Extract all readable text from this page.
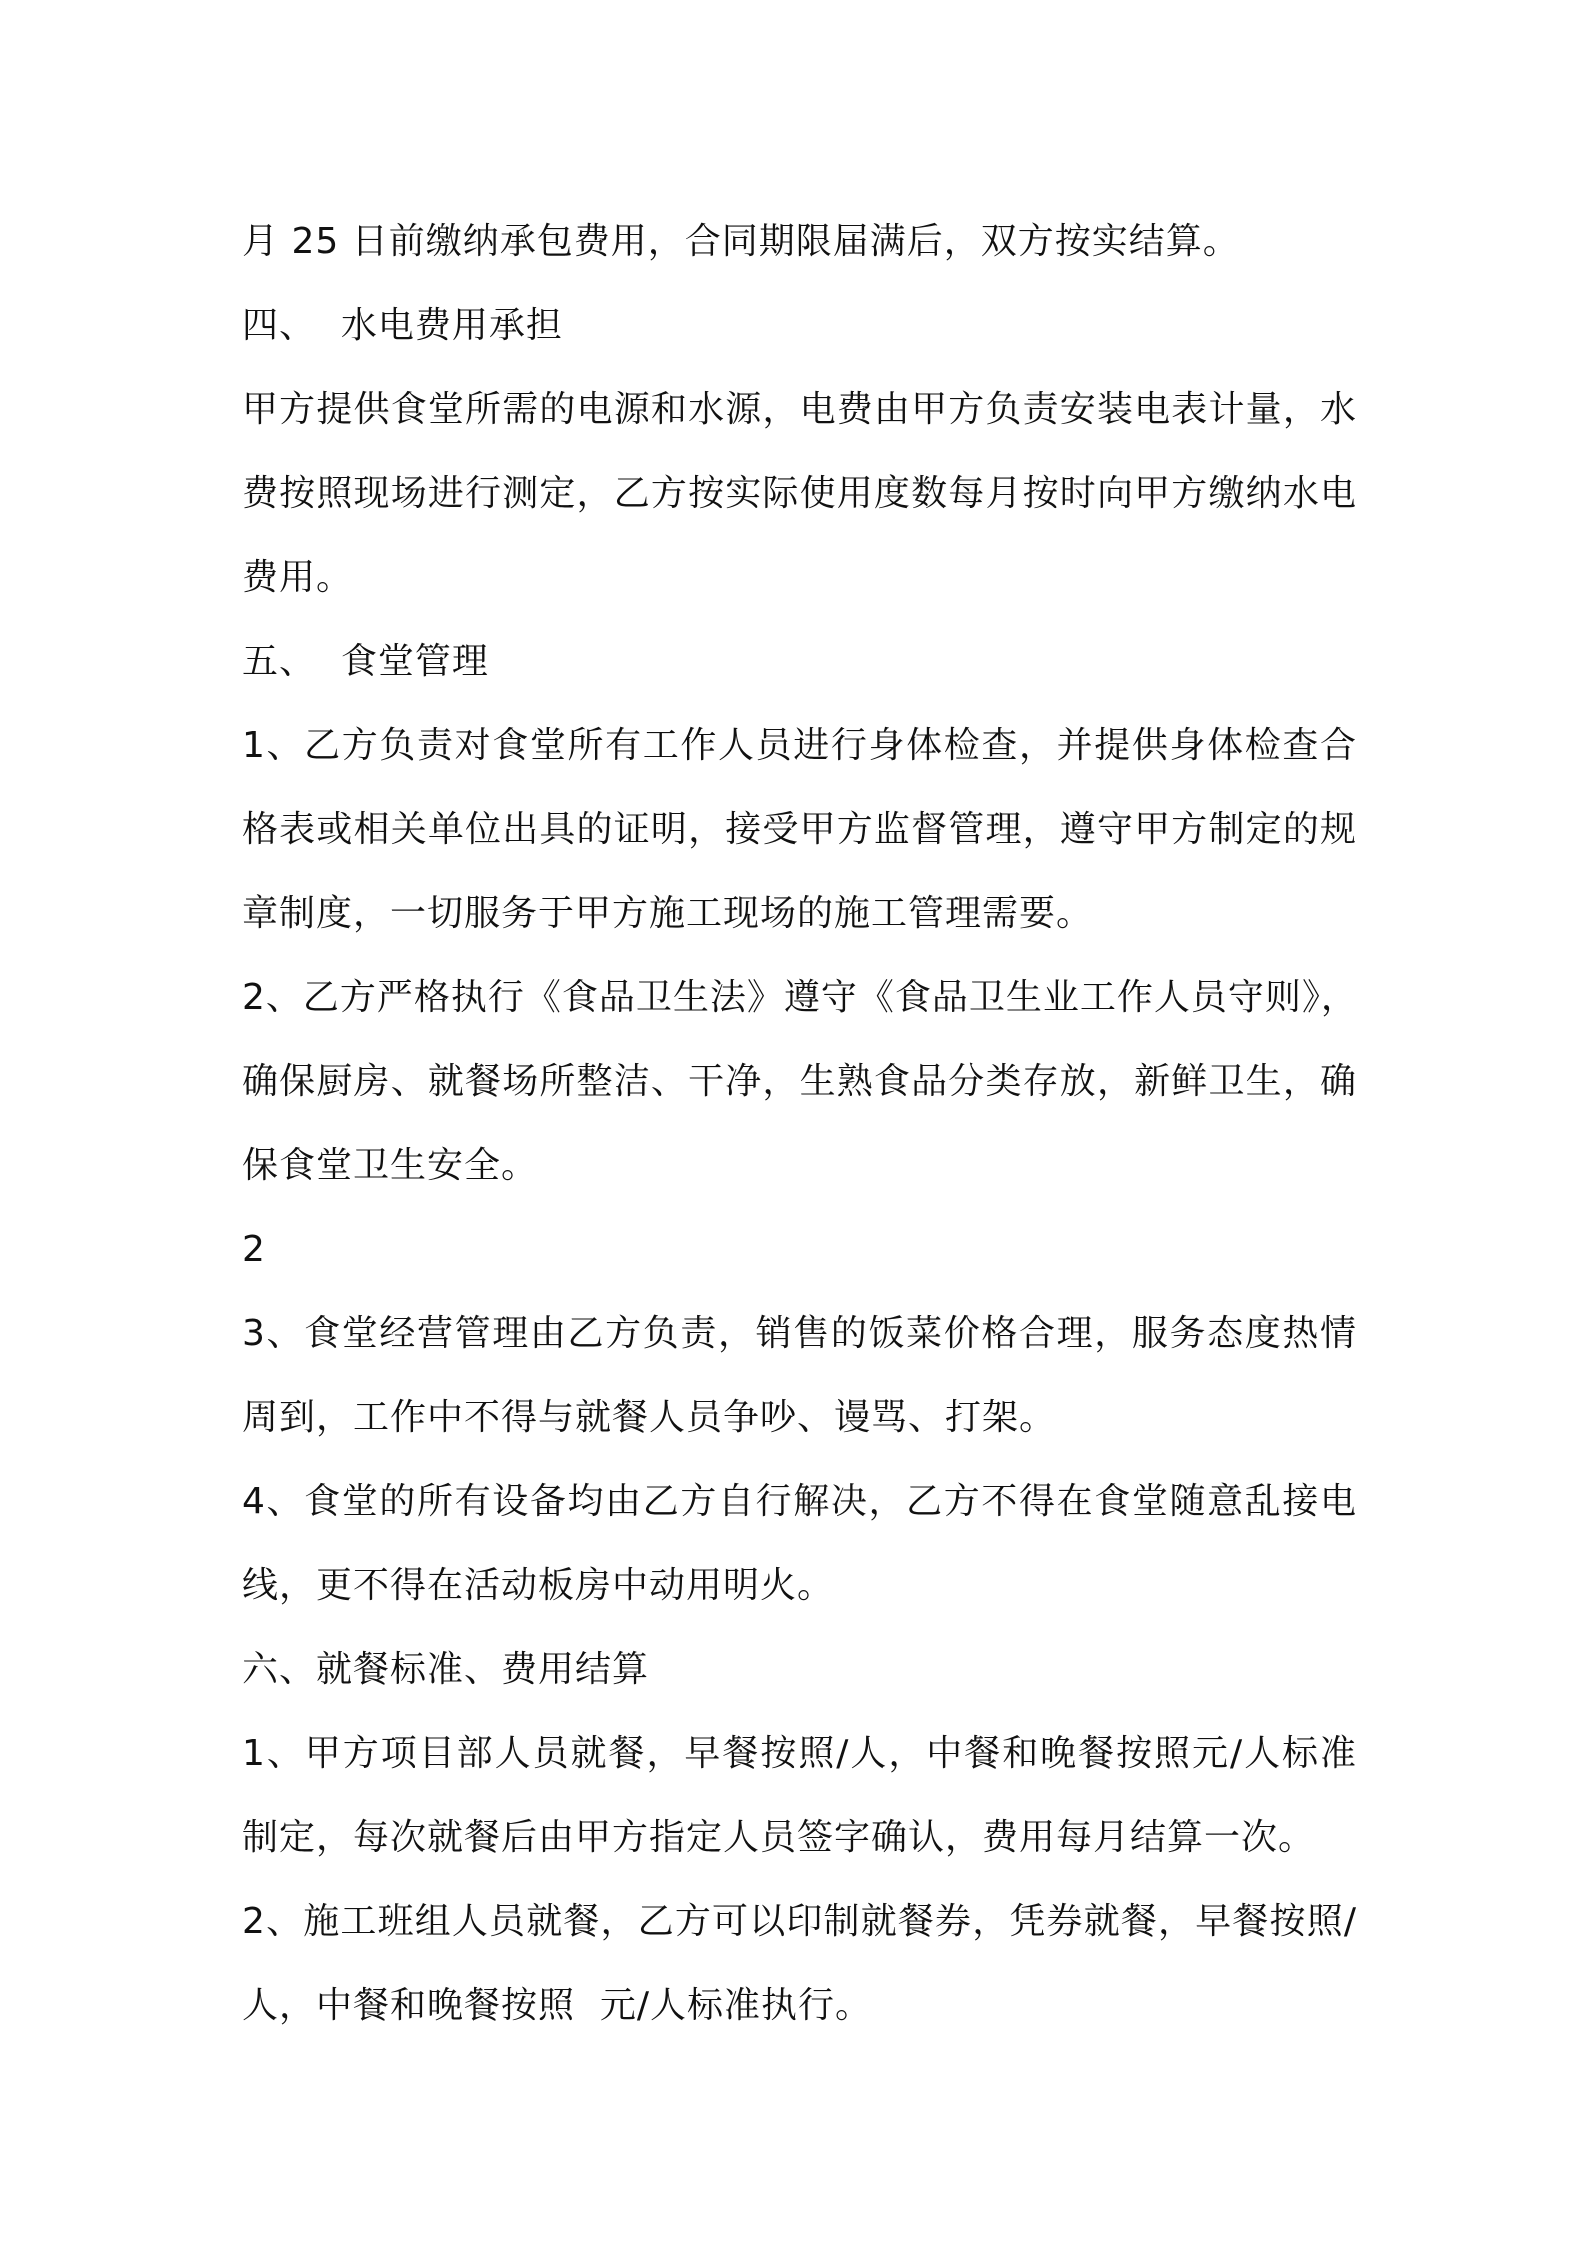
月 25 日前缴纳承包费用，合同期限届满后，双方按实结算。

四、  水电费用承担

甲方提供食堂所需的电源和水源，电费由甲方负责安装电表计量，水

费按照现场进行测定，乙方按实际使用度数每月按时向甲方缴纳水电

费用。

五、  食堂管理

1、乙方负责对食堂所有工作人员进行身体检查，并提供身体检查合

格表或相关单位出具的证明，接受甲方监督管理，遵守甲方制定的规

章制度，一切服务于甲方施工现场的施工管理需要。

2、乙方严格执行《食品卫生法》遵守《食品卫生业工作人员守则》，

确保厨房、就餐场所整洁、干净，生熟食品分类存放，新鲜卫生，确

保食堂卫生安全。

2

3、食堂经营管理由乙方负责，销售的饭菜价格合理，服务态度热情

周到，工作中不得与就餐人员争吵、谩骂、打架。

4、食堂的所有设备均由乙方自行解决，乙方不得在食堂随意乱接电

线，更不得在活动板房中动用明火。

六、就餐标准、费用结算

1、甲方项目部人员就餐，早餐按照/人，中餐和晚餐按照元/人标准

制定，每次就餐后由甲方指定人员签字确认，费用每月结算一次。

2、施工班组人员就餐，乙方可以印制就餐券，凭券就餐，早餐按照/

人，中餐和晚餐按照  元/人标准执行。
